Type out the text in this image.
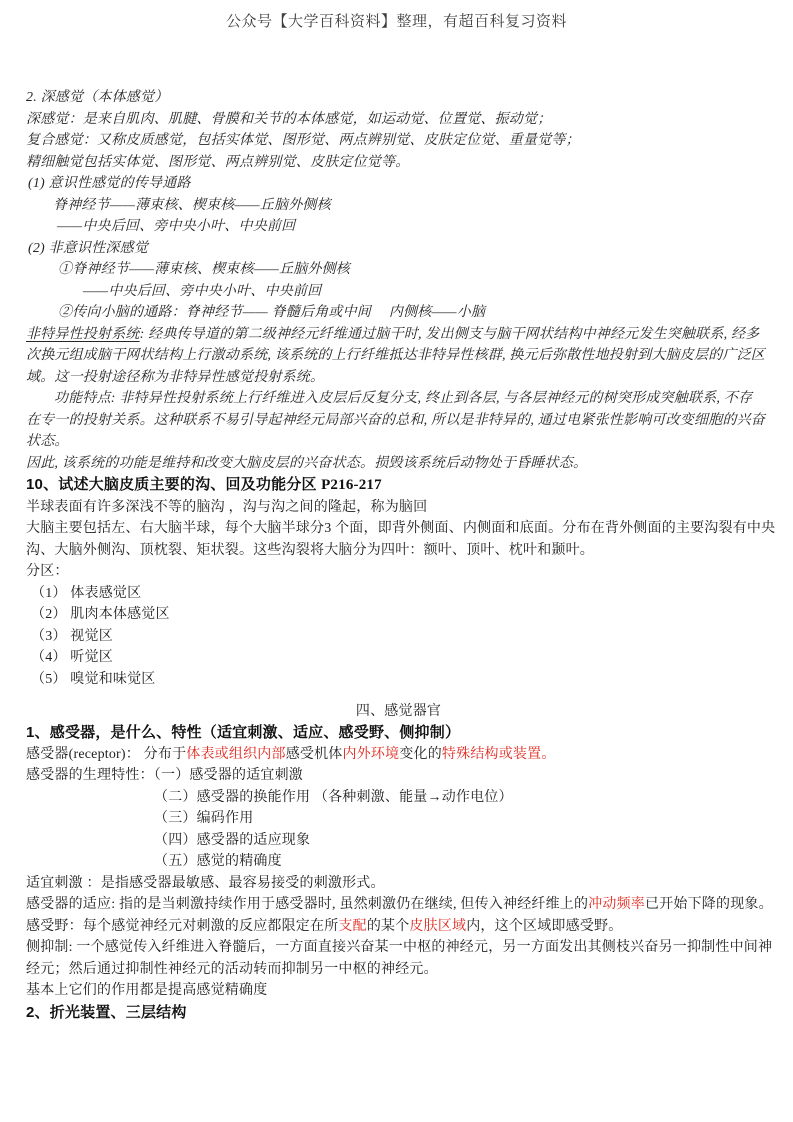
公众号【大学百科资料】整理，有超百科复习资料
2. 深感觉（本体感觉）
深感觉：是来自肌肉、肌腱、骨膜和关节的本体感觉，如运动觉、位置觉、振动觉；
复合感觉：又称皮质感觉，包括实体觉、图形觉、两点辨别觉、皮肤定位觉、重量觉等；
精细触觉包括实体觉、图形觉、两点辨别觉、皮肤定位觉等。
(1) 意识性感觉的传导通路
脊神经节——薄束核、楔束核——丘脑外侧核
——中央后回、旁中央小叶、中央前回
(2) 非意识性深感觉
①脊神经节——薄束核、楔束核——丘脑外侧核
——中央后回、旁中央小叶、中央前回
②传向小脑的通路：脊神经节—— 脊髓后角或中间　 内侧核——小脑
非特异性投射系统: 经典传导道的第二级神经元纤维通过脑干时, 发出侧支与脑干网状结构中神经元发生突触联系, 经多
次换元组成脑干网状结构上行激动系统, 该系统的上行纤维抵达非特异性核群, 换元后弥散性地投射到大脑皮层的广泛区
域。这一投射途径称为非特异性感觉投射系统。
功能特点: 非特异性投射系统上行纤维进入皮层后反复分支, 终止到各层, 与各层神经元的树突形成突触联系, 不存
在专一的投射关系。这种联系不易引导起神经元局部兴奋的总和, 所以是非特异的, 通过电紧张性影响可改变细胞的兴奋
状态。
因此, 该系统的功能是维持和改变大脑皮层的兴奋状态。损毁该系统后动物处于昏睡状态。
10、试述大脑皮质主要的沟、回及功能分区 P216-217
半球表面有许多深浅不等的脑沟 ，沟与沟之间的隆起，称为脑回
大脑主要包括左、右大脑半球，每个大脑半球分3 个面，即背外侧面、内侧面和底面。分布在背外侧面的主要沟裂有中央
沟、大脑外侧沟、顶枕裂、矩状裂。这些沟裂将大脑分为四叶：额叶、顶叶、枕叶和颞叶。
分区：
（1） 体表感觉区
（2） 肌肉本体感觉区
（3） 视觉区
（4） 听觉区
（5） 嗅觉和味觉区
四、感觉器官
1、感受器，是什么、特性（适宜刺激、适应、感受野、侧抑制）
感受器(receptor)： 分布于体表或组织内部感受机体内外环境变化的特殊结构或装置。
感受器的生理特性：（一）感受器的适宜刺激
（二）感受器的换能作用 （各种刺激、能量→动作电位）
（三）编码作用
（四）感受器的适应现象
（五）感觉的精确度
适宜刺激 ：是指感受器最敏感、最容易接受的刺激形式。
感受器的适应: 指的是当刺激持续作用于感受器时, 虽然刺激仍在继续, 但传入神经纤维上的冲动频率已开始下降的现象。
感受野：每个感觉神经元对刺激的反应都限定在所支配的某个皮肤区域内，这个区域即感受野。
侧抑制: 一个感觉传入纤维进入脊髓后，一方面直接兴奋某一中枢的神经元，另一方面发出其侧枝兴奋另一抑制性中间神
经元；然后通过抑制性神经元的活动转而抑制另一中枢的神经元。
基本上它们的作用都是提高感觉精确度
2、折光装置、三层结构
